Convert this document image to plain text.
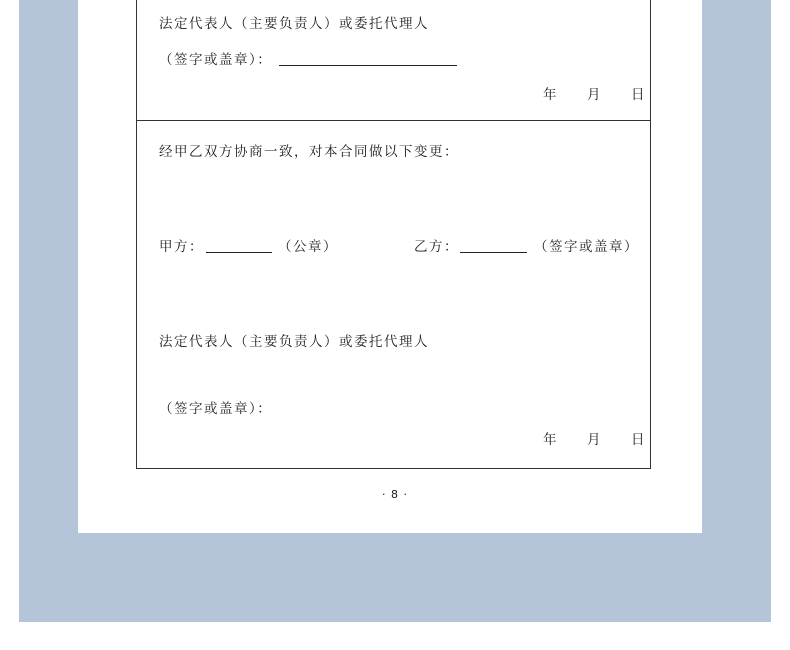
法定代表人（主要负责人）或委托代理人
（签字或盖章）：
年 月 日
经甲乙双方协商一致，对本合同做以下变更：
甲方：	（公章）	乙方：	（签字或盖章）
法定代表人（主要负责人）或委托代理人
（签字或盖章）：
年 月 日
· 8 ·
